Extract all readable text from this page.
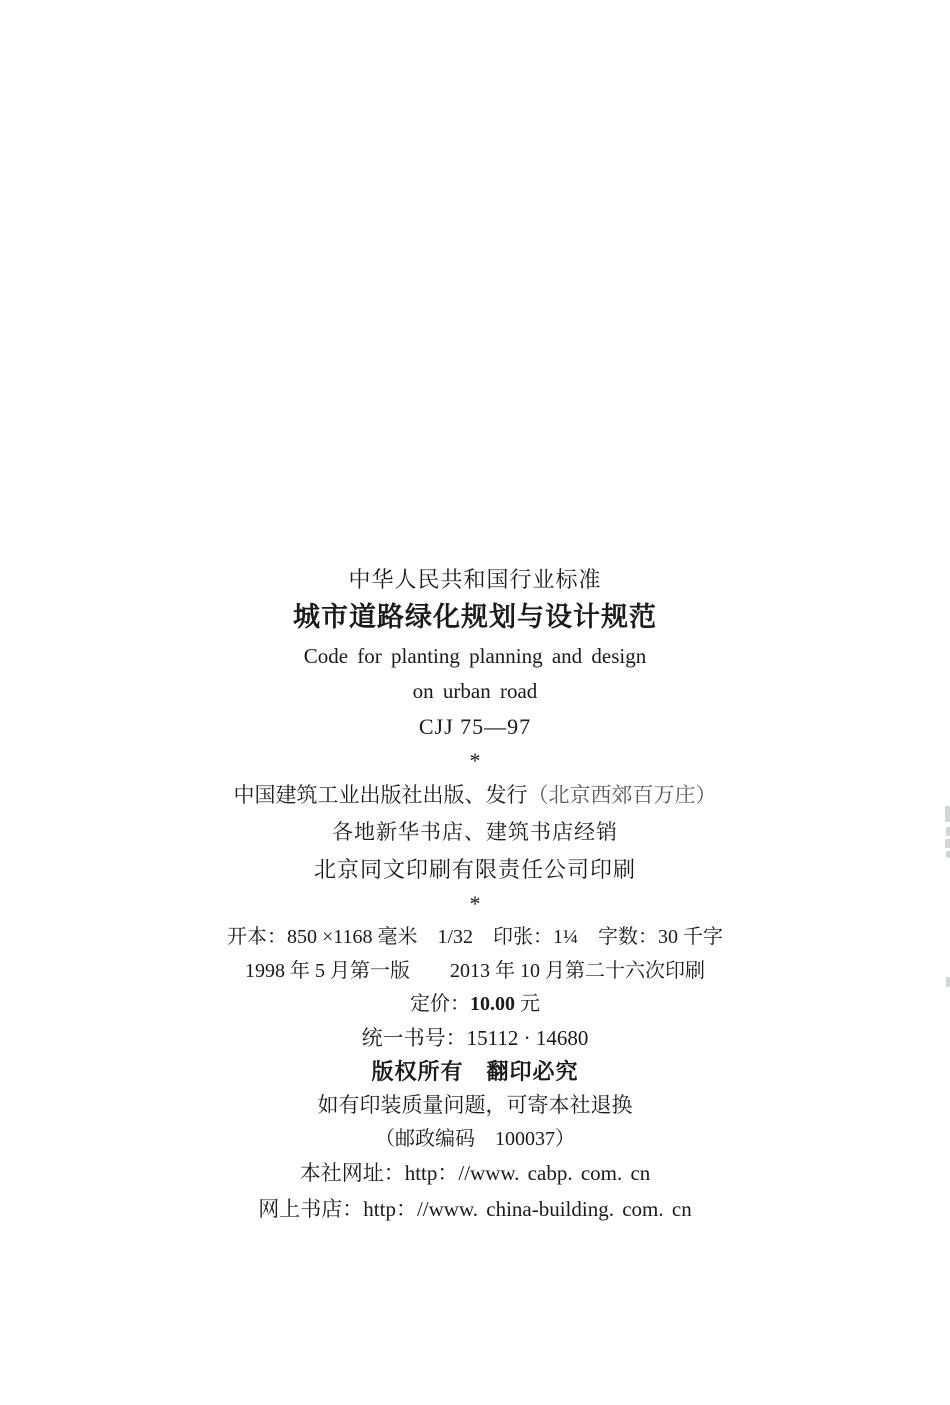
中华人民共和国行业标准
城市道路绿化规划与设计规范
Code for planting planning and design
on urban road
CJJ 75—97
*
中国建筑工业出版社出版、发行（北京西郊百万庄）
各地新华书店、建筑书店经销
北京同文印刷有限责任公司印刷
*
开本：850 ×1168 毫米　1/32　印张：1¼　字数：30 千字
1998 年 5 月第一版　　2013 年 10 月第二十六次印刷
定价：10.00 元
统一书号：15112 · 14680
版权所有　翻印必究
如有印装质量问题，可寄本社退换
（邮政编码　100037）
本社网址：http：//www. cabp. com. cn
网上书店：http：//www. china-building. com. cn
